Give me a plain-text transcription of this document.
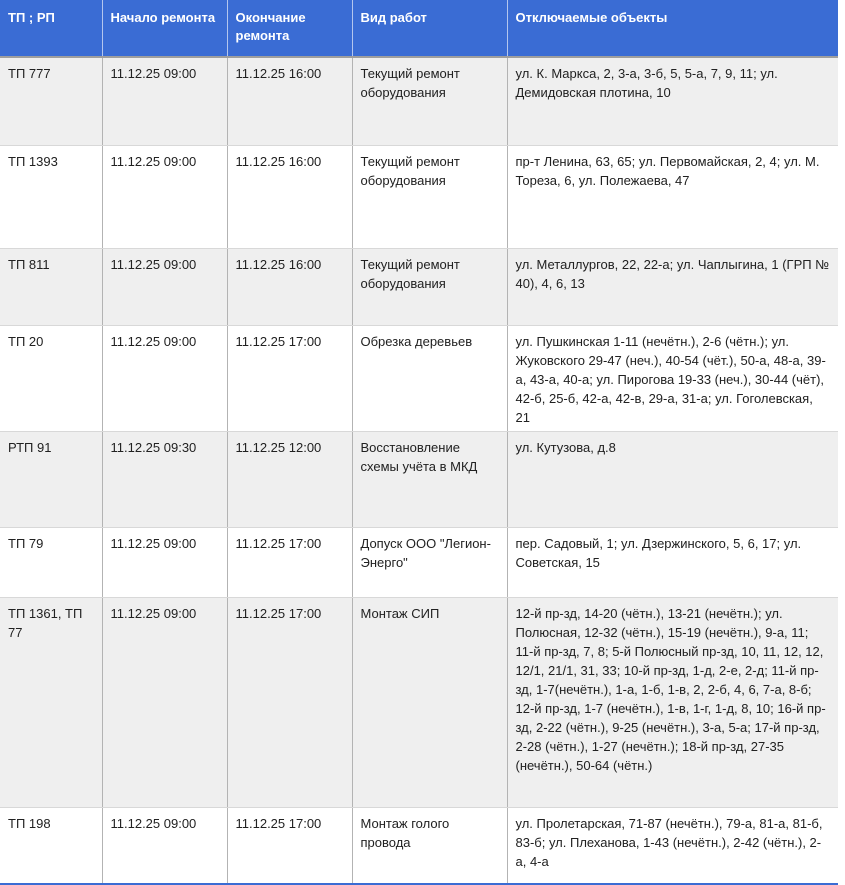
ТП ; РП	Начало ремонта	Окончание ремонта	Вид работ	Отключаемые объекты
ТП 777	11.12.25 09:00	11.12.25 16:00	Текущий ремонт оборудования	ул. К. Маркса, 2, 3-а, 3-б, 5, 5-а, 7, 9, 11; ул. Демидовская плотина, 10
ТП 1393	11.12.25 09:00	11.12.25 16:00	Текущий ремонт оборудования	пр-т Ленина, 63, 65; ул. Первомайская, 2, 4; ул. М. Тореза, 6, ул. Полежаева, 47
ТП 811	11.12.25 09:00	11.12.25 16:00	Текущий ремонт оборудования	ул. Металлургов, 22, 22-а; ул. Чаплыгина, 1 (ГРП № 40), 4, 6, 13
ТП 20	11.12.25 09:00	11.12.25 17:00	Обрезка деревьев	ул. Пушкинская 1-11 (нечётн.), 2-6 (чётн.); ул. Жуковского 29-47 (неч.), 40-54 (чёт.), 50-а, 48-а, 39-а, 43-а, 40-а; ул. Пирогова 19-33 (неч.), 30-44 (чёт), 42-б, 25-б, 42-а, 42-в, 29-а, 31-а; ул. Гоголевская, 21
РТП 91	11.12.25 09:30	11.12.25 12:00	Восстановление схемы учёта в МКД	ул. Кутузова, д.8
ТП 79	11.12.25 09:00	11.12.25 17:00	Допуск ООО "Легион-Энерго"	пер. Садовый, 1; ул. Дзержинского, 5, 6, 17; ул. Советская, 15
ТП 1361, ТП 77	11.12.25 09:00	11.12.25 17:00	Монтаж СИП	12-й пр-зд, 14-20 (чётн.), 13-21 (нечётн.); ул. Полюсная, 12-32 (чётн.), 15-19 (нечётн.), 9-а, 11; 11-й пр-зд, 7, 8; 5-й Полюсный пр-зд, 10, 11, 12, 12, 12/1, 21/1, 31, 33; 10-й пр-зд, 1-д, 2-е, 2-д; 11-й пр-зд, 1-7(нечётн.), 1-а, 1-б, 1-в, 2, 2-б, 4, 6, 7-а, 8-б; 12-й пр-зд, 1-7 (нечётн.), 1-в, 1-г, 1-д, 8, 10; 16-й пр-зд, 2-22 (чётн.), 9-25 (нечётн.), 3-а, 5-а; 17-й пр-зд, 2-28 (чётн.), 1-27 (нечётн.); 18-й пр-зд, 27-35 (нечётн.), 50-64 (чётн.)
ТП 198	11.12.25 09:00	11.12.25 17:00	Монтаж голого провода	ул. Пролетарская, 71-87 (нечётн.), 79-а, 81-а, 81-б, 83-б; ул. Плеханова, 1-43 (нечётн.), 2-42 (чётн.), 2-а, 4-а
